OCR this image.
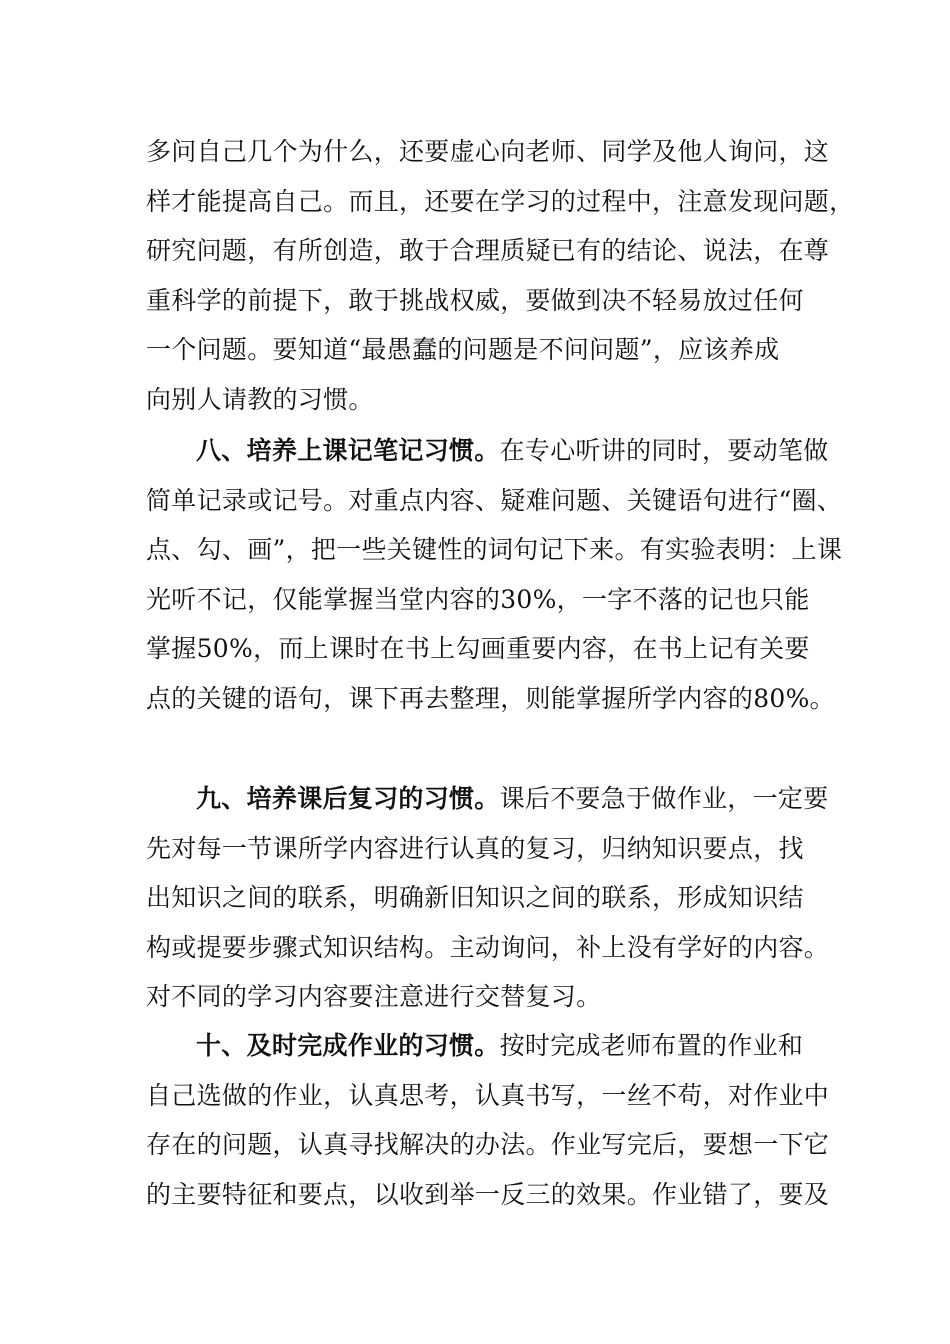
多问自己几个为什么，还要虚心向老师、同学及他人询问，这
样才能提高自己。而且，还要在学习的过程中，注意发现问题，
研究问题，有所创造，敢于合理质疑已有的结论、说法，在尊
重科学的前提下，敢于挑战权威，要做到决不轻易放过任何
一个问题。要知道“最愚蠢的问题是不问问题”，应该养成
向别人请教的习惯。
八、培养上课记笔记习惯。在专心听讲的同时，要动笔做
简单记录或记号。对重点内容、疑难问题、关键语句进行“圈、
点、勾、画”，把一些关键性的词句记下来。有实验表明：上课
光听不记，仅能掌握当堂内容的30%，一字不落的记也只能
掌握50%，而上课时在书上勾画重要内容，在书上记有关要
点的关键的语句，课下再去整理，则能掌握所学内容的80%。
九、培养课后复习的习惯。课后不要急于做作业，一定要
先对每一节课所学内容进行认真的复习，归纳知识要点，找
出知识之间的联系，明确新旧知识之间的联系，形成知识结
构或提要步骤式知识结构。主动询问，补上没有学好的内容。
对不同的学习内容要注意进行交替复习。
十、及时完成作业的习惯。按时完成老师布置的作业和
自己选做的作业，认真思考，认真书写，一丝不苟，对作业中
存在的问题，认真寻找解决的办法。作业写完后，要想一下它
的主要特征和要点，以收到举一反三的效果。作业错了，要及
